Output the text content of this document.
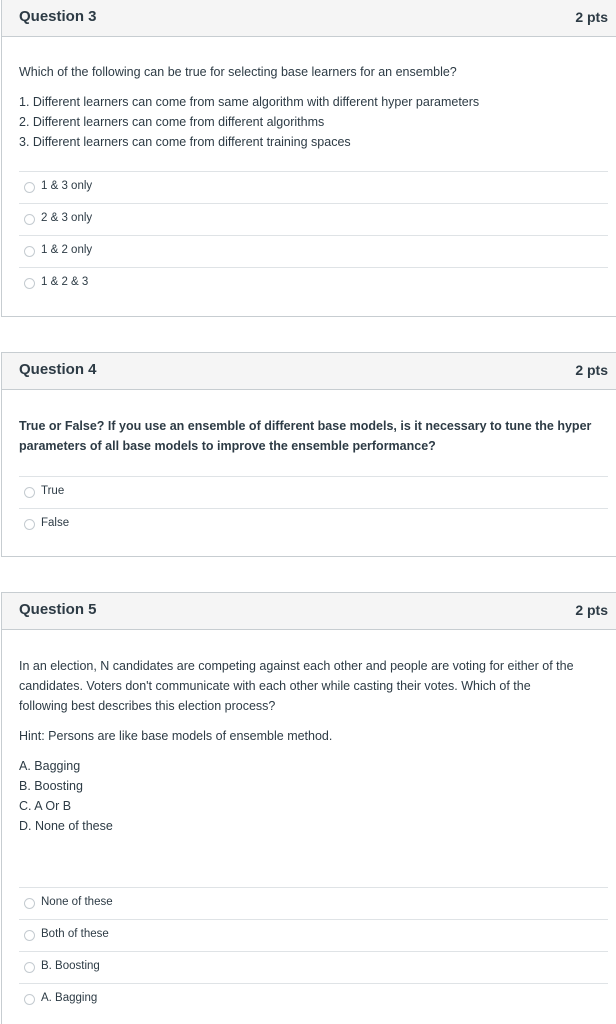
Question 3	2 pts

Which of the following can be true for selecting base learners for an ensemble?

1. Different learners can come from same algorithm with different hyper parameters

2. Different learners can come from different algorithms

3. Different learners can come from different training spaces

1 & 3 only
2 & 3 only
1 & 2 only
1 & 2 & 3
Question 4	2 pts

True or False? If you use an ensemble of different base models, is it necessary to tune the hyper

parameters of all base models to improve the ensemble performance?

True
False
Question 5	2 pts

In an election, N candidates are competing against each other and people are voting for either of the

candidates. Voters don't communicate with each other while casting their votes. Which of the

following best describes this election process?

Hint: Persons are like base models of ensemble method.

A. Bagging

B. Boosting

C. A Or B

D. None of these

None of these
Both of these
B. Boosting
A. Bagging
